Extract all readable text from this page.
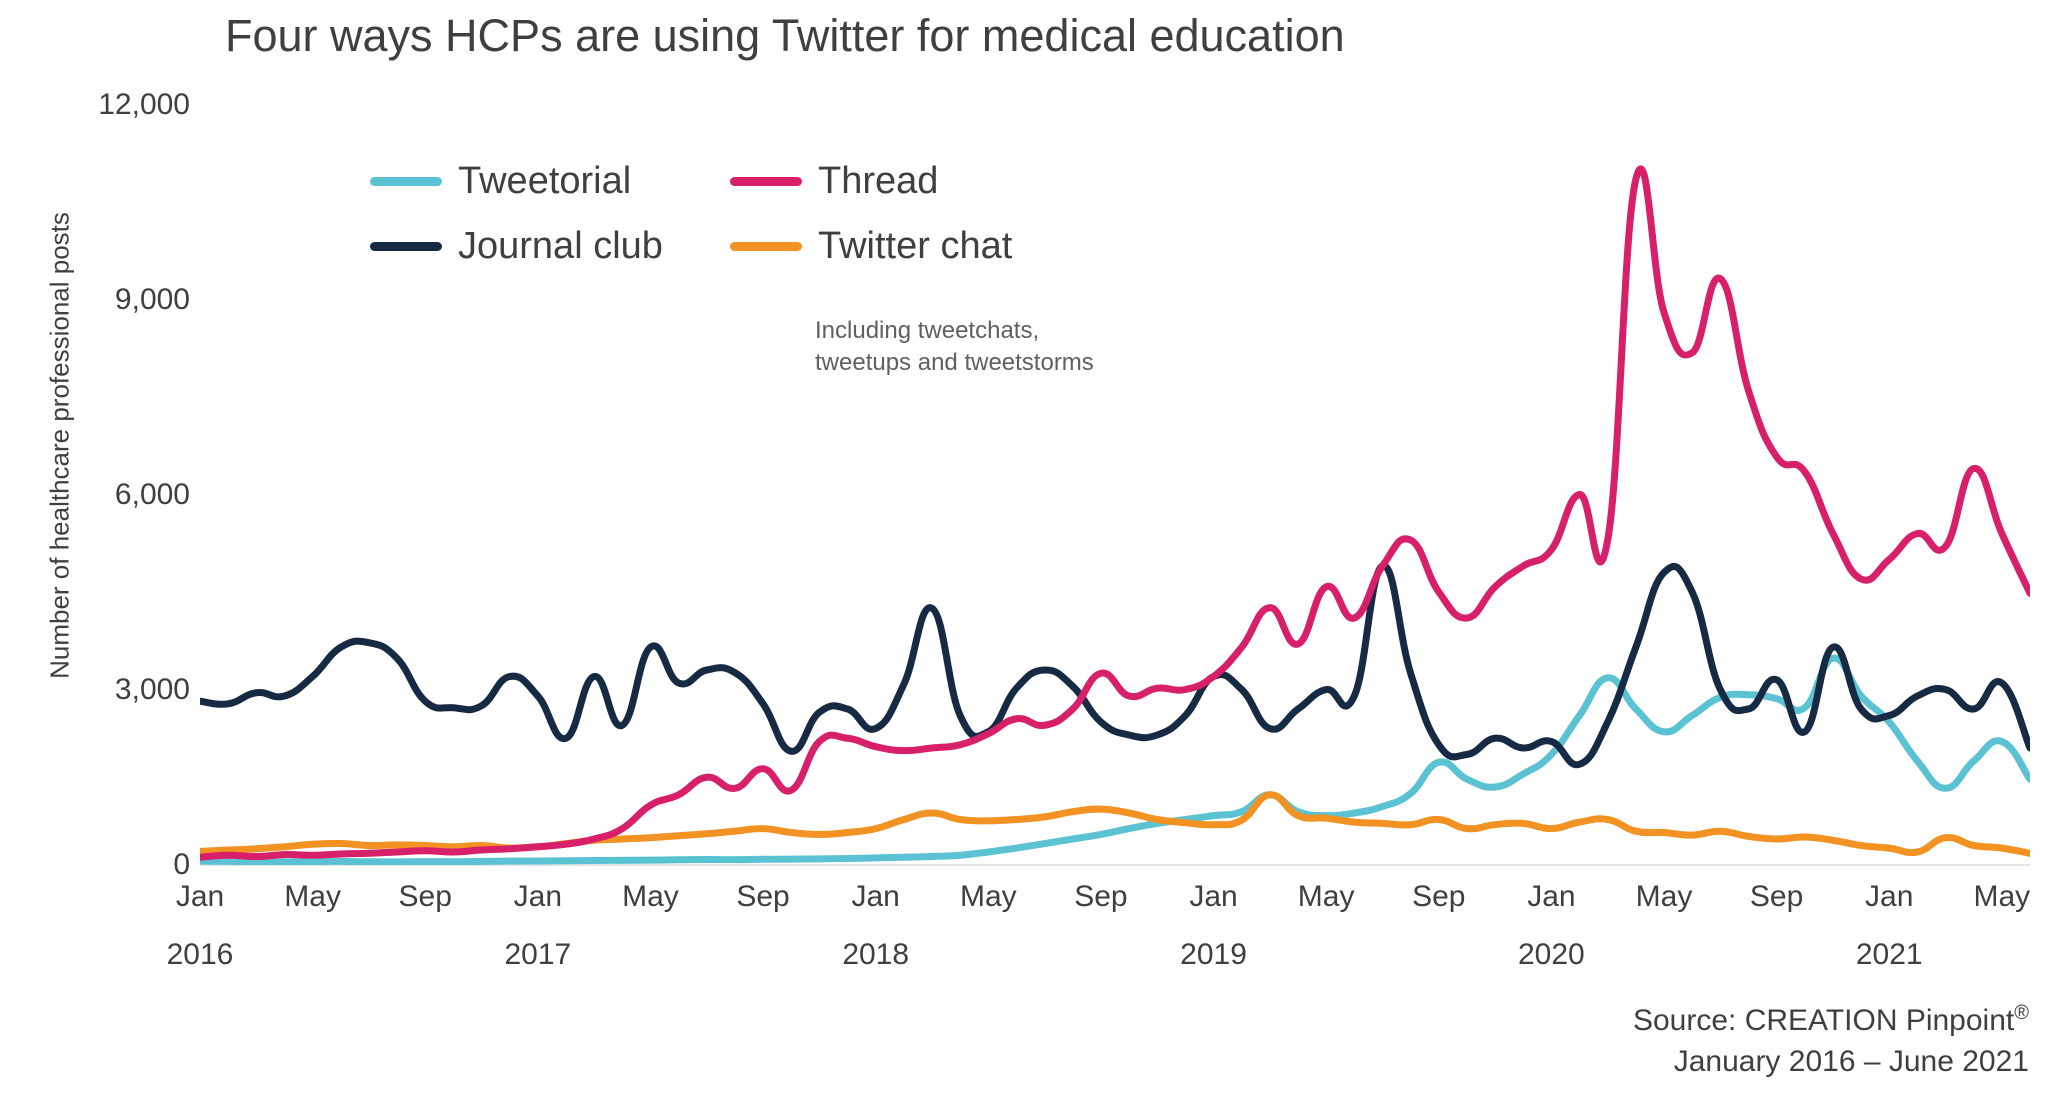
Four ways HCPs are using Twitter for medical education
Number of healthcare professional posts
12,000
9,000
6,000
3,000
0
Jan May Sep Jan May Sep Jan May Sep Jan May Sep Jan May Sep Jan May
2016	2017	2018	2019	2020	2021
Tweetorial	Thread
Journal club	Twitter chat
Including tweetchats,
tweetups and tweetstorms
Source: CREATION Pinpoint®
January 2016 – June 2021
